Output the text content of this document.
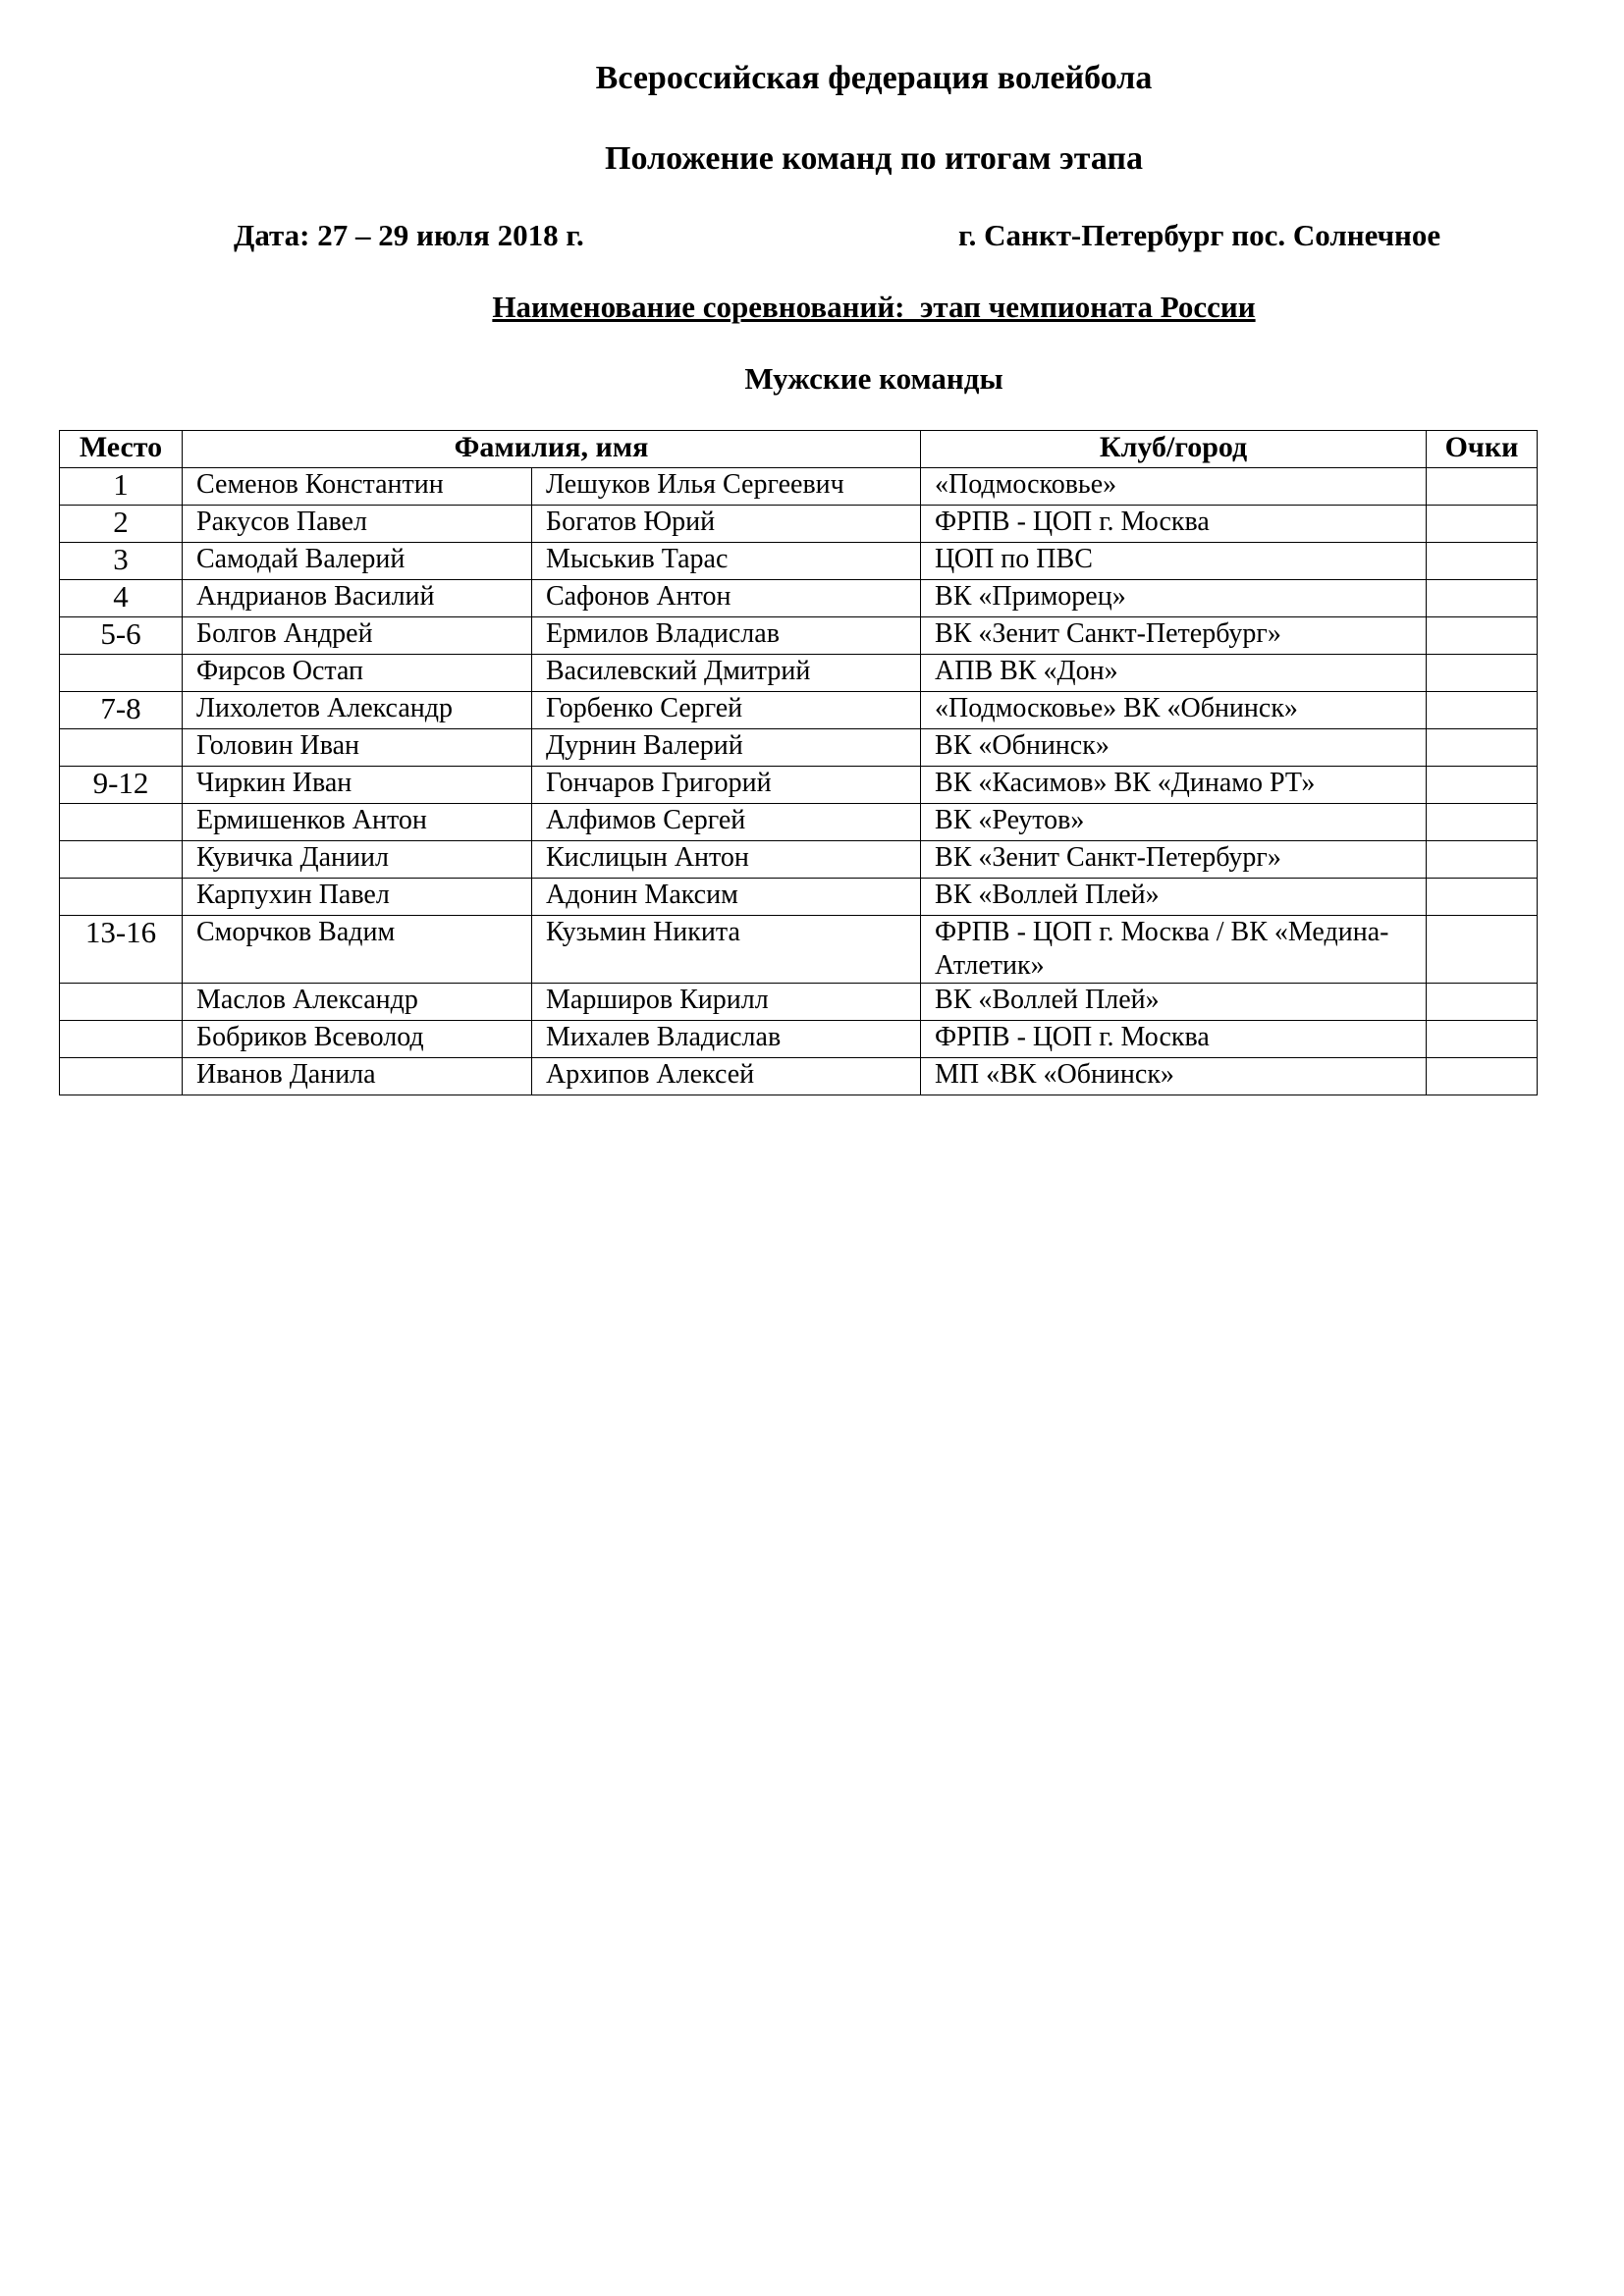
Всероссийская федерация волейбола
Положение команд по итогам этапа
Дата: 27 – 29 июля 2018 г.	г. Санкт-Петербург пос. Солнечное
Наименование соревнований:  этап чемпионата России
Мужские команды
Место	Фамилия, имя		Клуб/город	Очки
1	Семенов Константин	Лешуков Илья Сергеевич	«Подмосковье»	
2	Ракусов Павел	Богатов Юрий	ФРПВ - ЦОП г. Москва	
3	Самодай Валерий	Мыськив Тарас	ЦОП по ПВС	
4	Андрианов Василий	Сафонов Антон	ВК «Приморец»	
5-6	Болгов Андрей	Ермилов Владислав	ВК «Зенит Санкт-Петербург»	
	Фирсов Остап	Василевский Дмитрий	АПВ ВК «Дон»	
7-8	Лихолетов Александр	Горбенко Сергей	«Подмосковье» ВК «Обнинск»	
	Головин Иван	Дурнин Валерий	ВК «Обнинск»	
9-12	Чиркин Иван	Гончаров Григорий	ВК «Касимов» ВК «Динамо РТ»	
	Ермишенков Антон	Алфимов Сергей	ВК «Реутов»	
	Кувичка Даниил	Кислицын Антон	ВК «Зенит Санкт-Петербург»	
	Карпухин Павел	Адонин Максим	ВК «Воллей Плей»	
13-16	Сморчков Вадим	Кузьмин Никита	ФРПВ - ЦОП г. Москва / ВК «Медина-Атлетик»	
	Маслов Александр	Марширов Кирилл	ВК «Воллей Плей»	
	Бобриков Всеволод	Михалев Владислав	ФРПВ - ЦОП г. Москва	
	Иванов Данила	Архипов Алексей	МП «ВК «Обнинск»	
